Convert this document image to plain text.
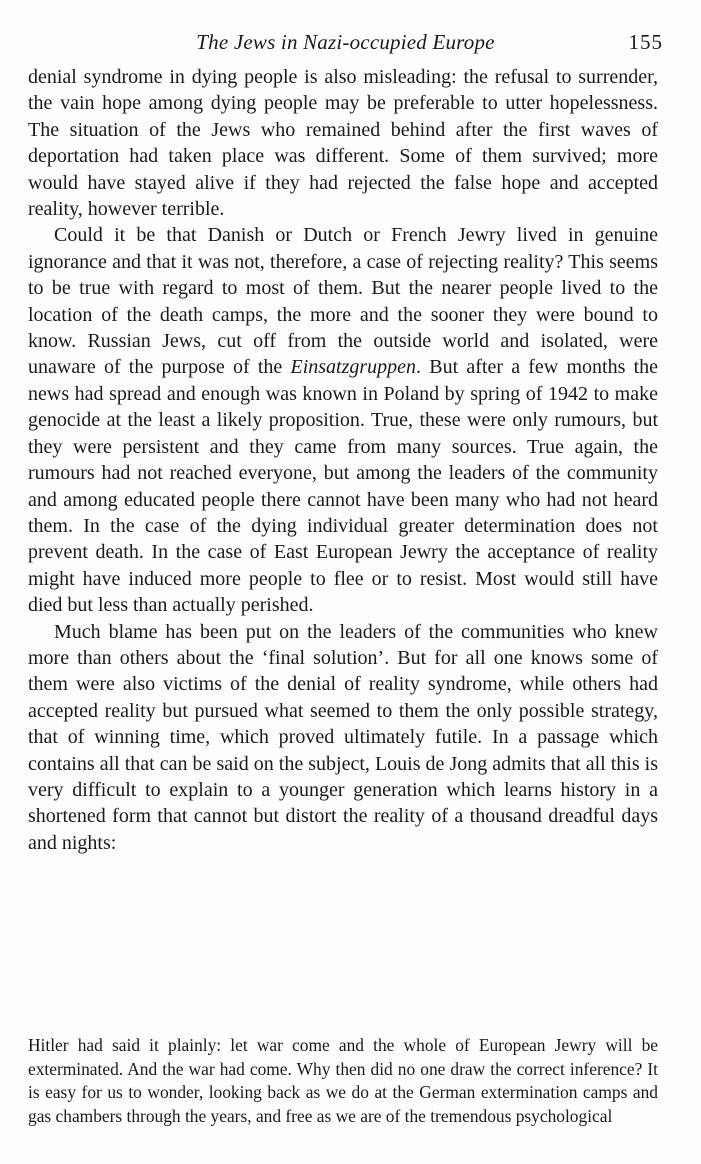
The Jews in Nazi-occupied Europe	155

denial syndrome in dying people is also misleading: the refusal to surrender, the vain hope among dying people may be preferable to utter hopelessness. The situation of the Jews who remained behind after the first waves of deportation had taken place was different. Some of them survived; more would have stayed alive if they had rejected the false hope and accepted reality, however terrible.

Could it be that Danish or Dutch or French Jewry lived in genuine ignorance and that it was not, therefore, a case of rejecting reality? This seems to be true with regard to most of them. But the nearer people lived to the location of the death camps, the more and the sooner they were bound to know. Russian Jews, cut off from the outside world and isolated, were unaware of the purpose of the Einsatzgruppen. But after a few months the news had spread and enough was known in Poland by spring of 1942 to make genocide at the least a likely proposition. True, these were only rumours, but they were persistent and they came from many sources. True again, the rumours had not reached everyone, but among the leaders of the community and among educated people there cannot have been many who had not heard them. In the case of the dying individual greater determination does not prevent death. In the case of East European Jewry the acceptance of reality might have induced more people to flee or to resist. Most would still have died but less than actually perished.

Much blame has been put on the leaders of the communities who knew more than others about the ‘final solution’. But for all one knows some of them were also victims of the denial of reality syndrome, while others had accepted reality but pursued what seemed to them the only possible strategy, that of winning time, which proved ultimately futile. In a passage which contains all that can be said on the subject, Louis de Jong admits that all this is very difficult to explain to a younger generation which learns history in a shortened form that cannot but distort the reality of a thousand dreadful days and nights:

Hitler had said it plainly: let war come and the whole of European Jewry will be exterminated. And the war had come. Why then did no one draw the correct inference? It is easy for us to wonder, looking back as we do at the German extermination camps and gas chambers through the years, and free as we are of the tremendous psychological
